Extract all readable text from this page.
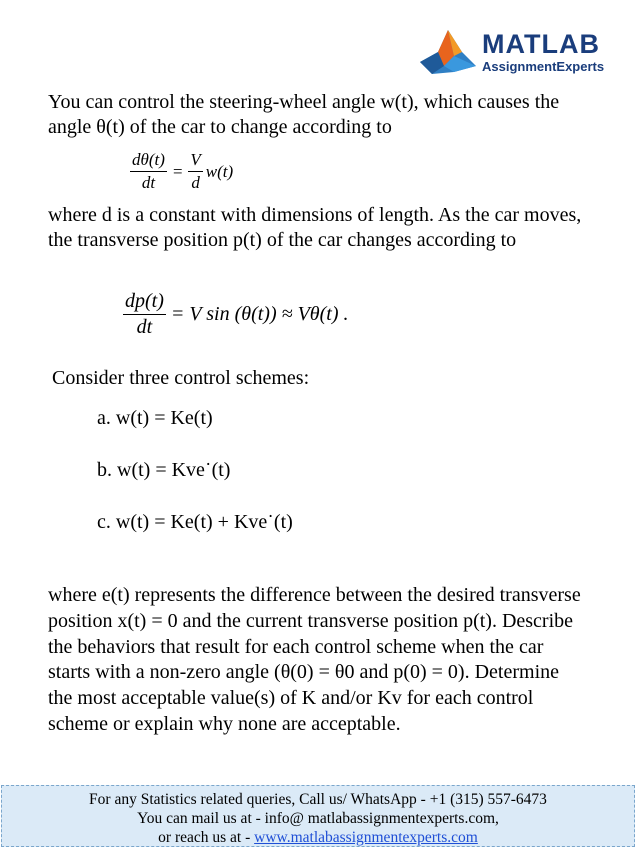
MATLAB
AssignmentExperts
You can control the steering-wheel angle w(t), which causes the angle θ(t) of the car to change according to
$\frac{d\theta(t)}{dt} = \frac{V}{d} w(t)$
where d is a constant with dimensions of length. As the car moves, the transverse position p(t) of the car changes according to
$\frac{dp(t)}{dt} = V$ sin (θ(t)) ≈ Vθ(t) .
Consider three control schemes:
a. w(t) = Ke(t)
b. w(t) = Kve˙(t)
c. w(t) = Ke(t) + Kve˙(t)
where e(t) represents the difference between the desired transverse position x(t) = 0 and the current transverse position p(t). Describe the behaviors that result for each control scheme when the car starts with a non-zero angle (θ(0) = θ0 and p(0) = 0). Determine the most acceptable value(s) of K and/or Kv for each control scheme or explain why none are acceptable.
For any Statistics related queries, Call us/ WhatsApp - +1 (315) 557-6473
You can mail us at - info@ matlabassignmentexperts.com,
or reach us at - www.matlabassignmentexperts.com
